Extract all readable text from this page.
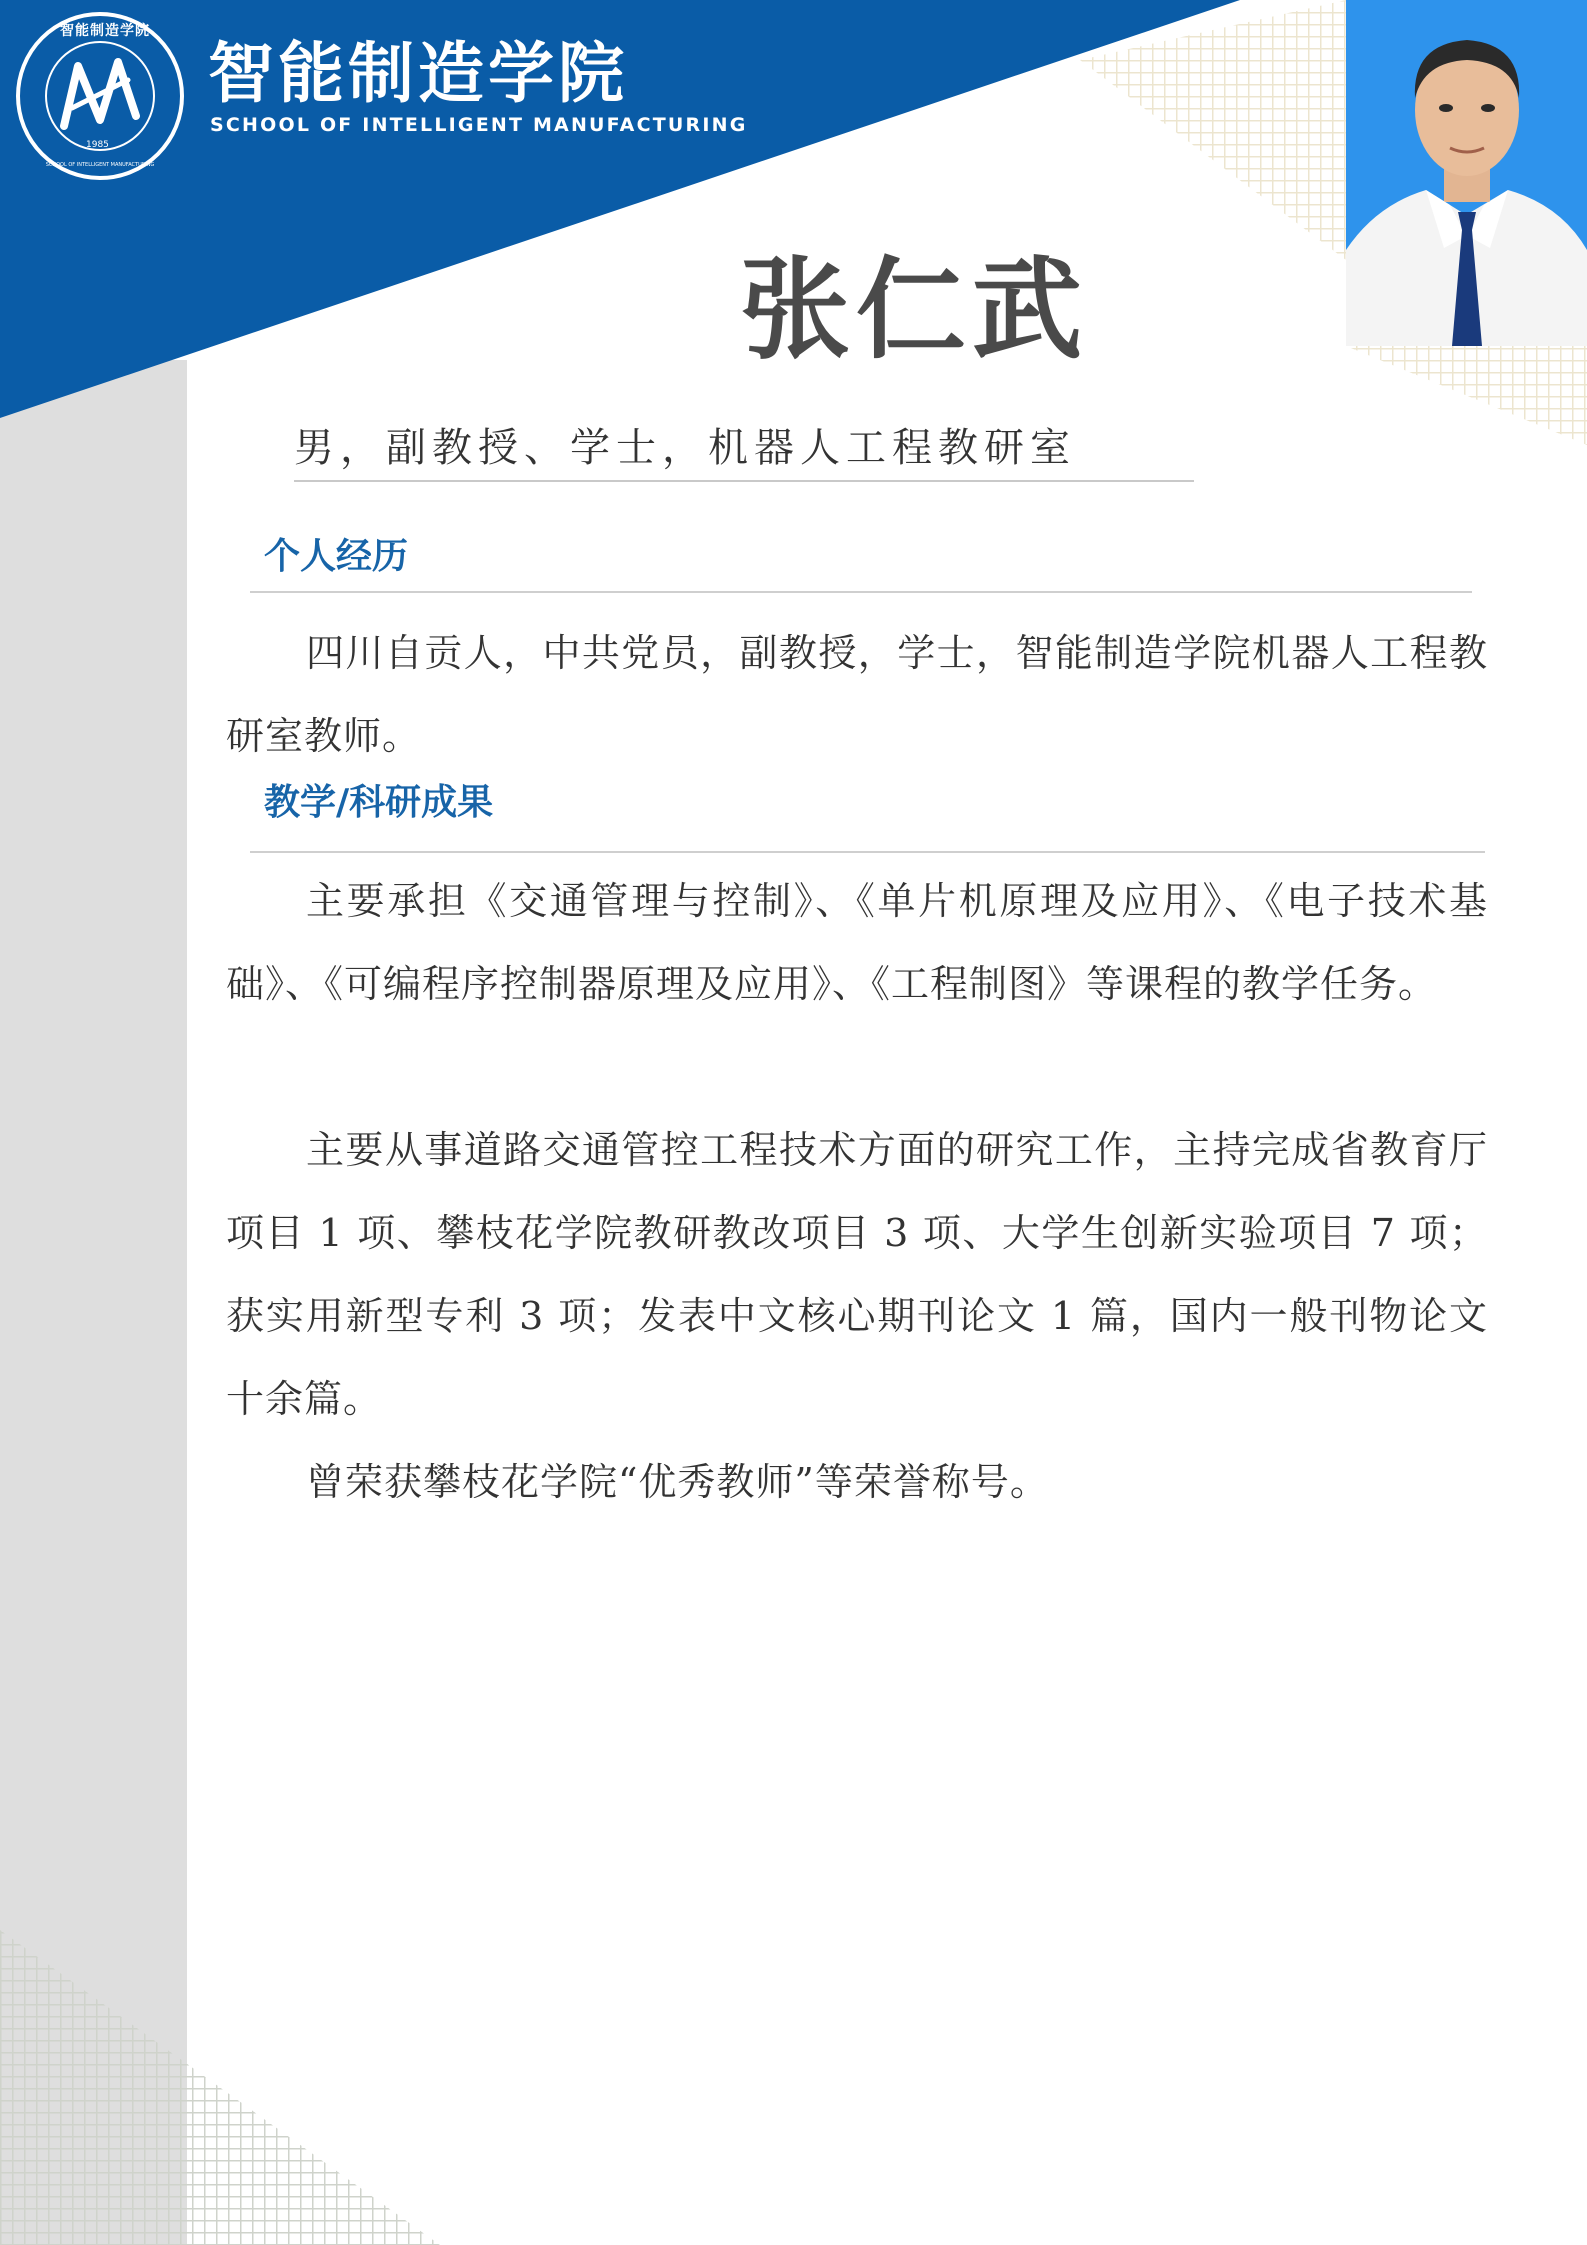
1985
智能制造学院
SCHOOL OF INTELLIGENT MANUFACTURING
智能制造学院
SCHOOL OF INTELLIGENT MANUFACTURING
张仁武
男，副教授、学士，机器人工程教研室
个人经历
四川自贡人，中共党员，副教授，学士，智能制造学院机器人工程教研室教师。
教学/科研成果
主要承担《交通管理与控制》、《单片机原理及应用》、《电子技术基础》、《可编程序控制器原理及应用》、《工程制图》等课程的教学任务。
主要从事道路交通管控工程技术方面的研究工作，主持完成省教育厅项目 1 项、攀枝花学院教研教改项目 3 项、大学生创新实验项目 7 项；获实用新型专利 3 项；发表中文核心期刊论文 1 篇，国内一般刊物论文十余篇。
曾荣获攀枝花学院“优秀教师”等荣誉称号。
